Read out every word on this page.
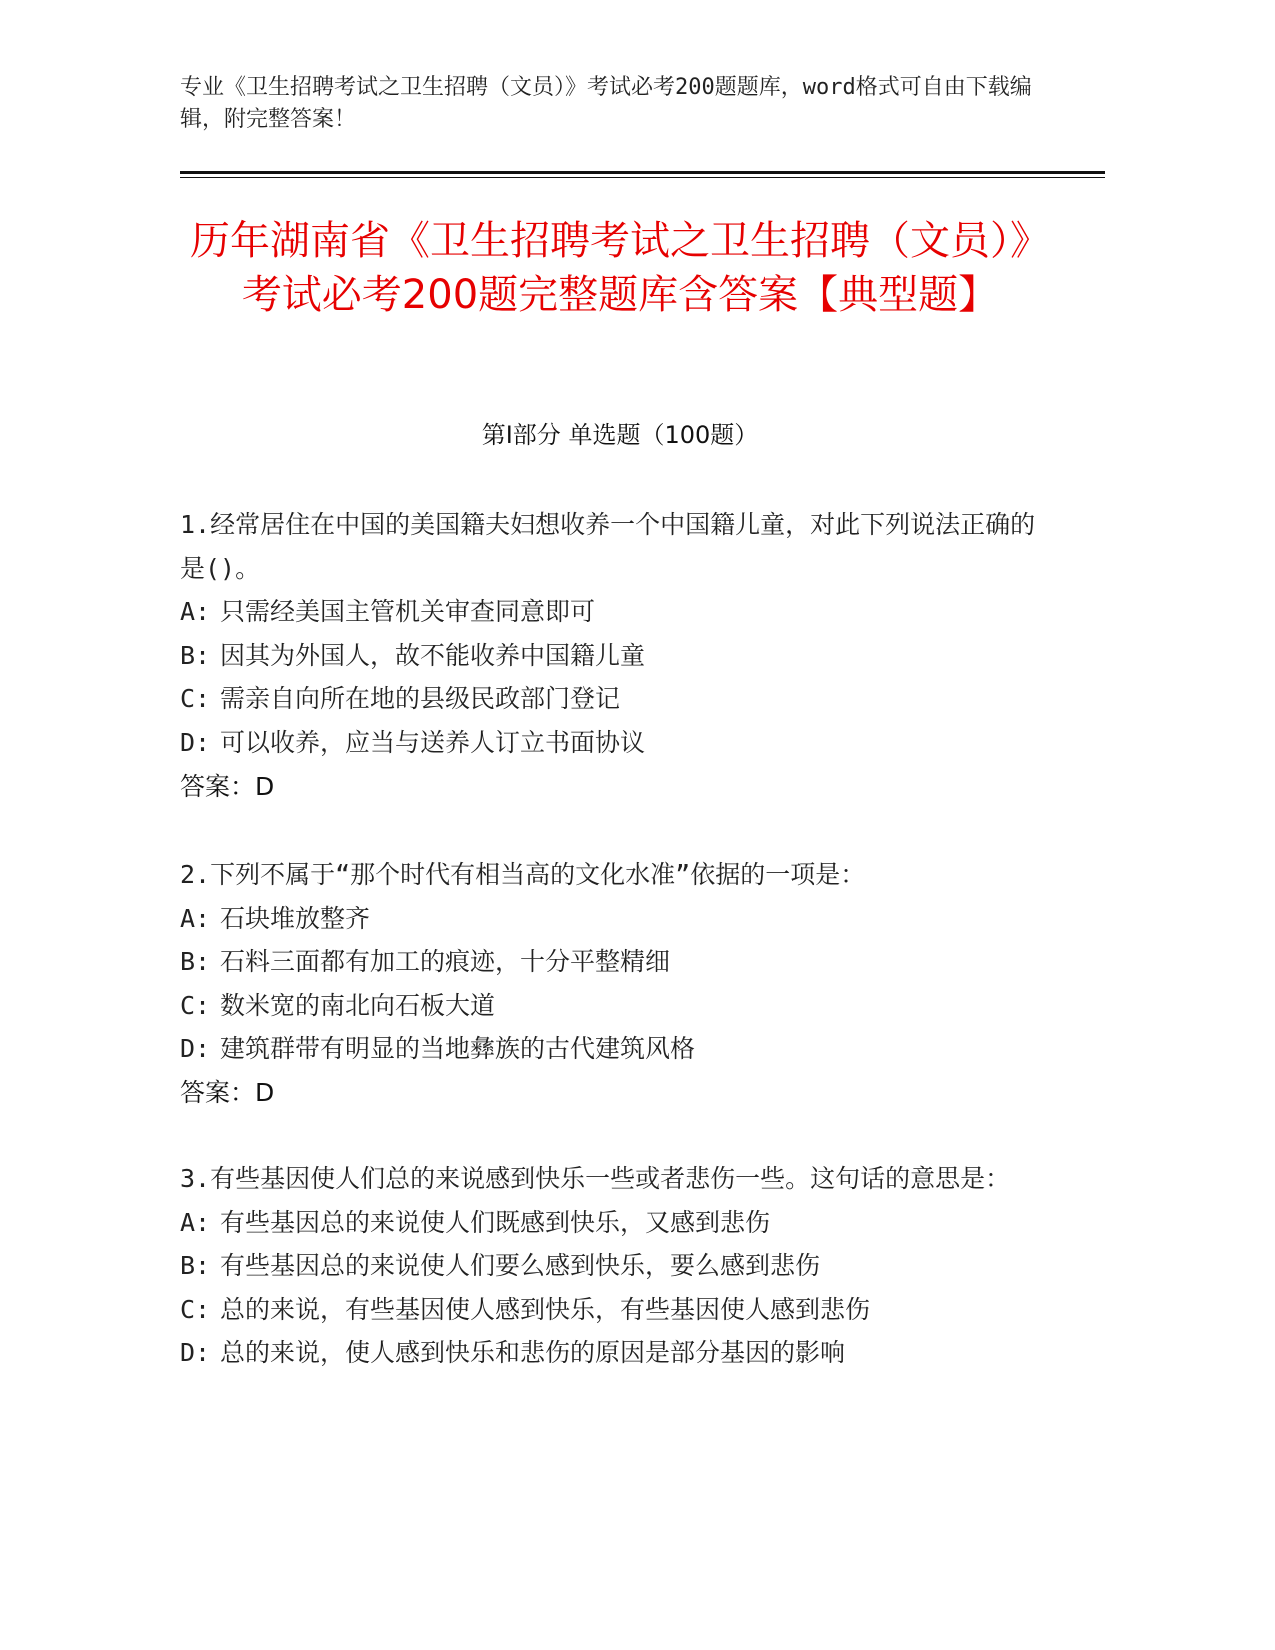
专业《卫生招聘考试之卫生招聘（文员）》考试必考200题题库，word格式可自由下载编辑，附完整答案！
历年湖南省《卫生招聘考试之卫生招聘（文员）》考试必考200题完整题库含答案【典型题】
第I部分 单选题（100题）
1.经常居住在中国的美国籍夫妇想收养一个中国籍儿童，对此下列说法正确的是()。
A: 只需经美国主管机关审查同意即可
B: 因其为外国人，故不能收养中国籍儿童
C: 需亲自向所在地的县级民政部门登记
D: 可以收养，应当与送养人订立书面协议
答案：D
2.下列不属于“那个时代有相当高的文化水准”依据的一项是：
A: 石块堆放整齐
B: 石料三面都有加工的痕迹，十分平整精细
C: 数米宽的南北向石板大道
D: 建筑群带有明显的当地彝族的古代建筑风格
答案：D
3.有些基因使人们总的来说感到快乐一些或者悲伤一些。这句话的意思是：
A: 有些基因总的来说使人们既感到快乐，又感到悲伤
B: 有些基因总的来说使人们要么感到快乐，要么感到悲伤
C: 总的来说，有些基因使人感到快乐，有些基因使人感到悲伤
D: 总的来说，使人感到快乐和悲伤的原因是部分基因的影响
